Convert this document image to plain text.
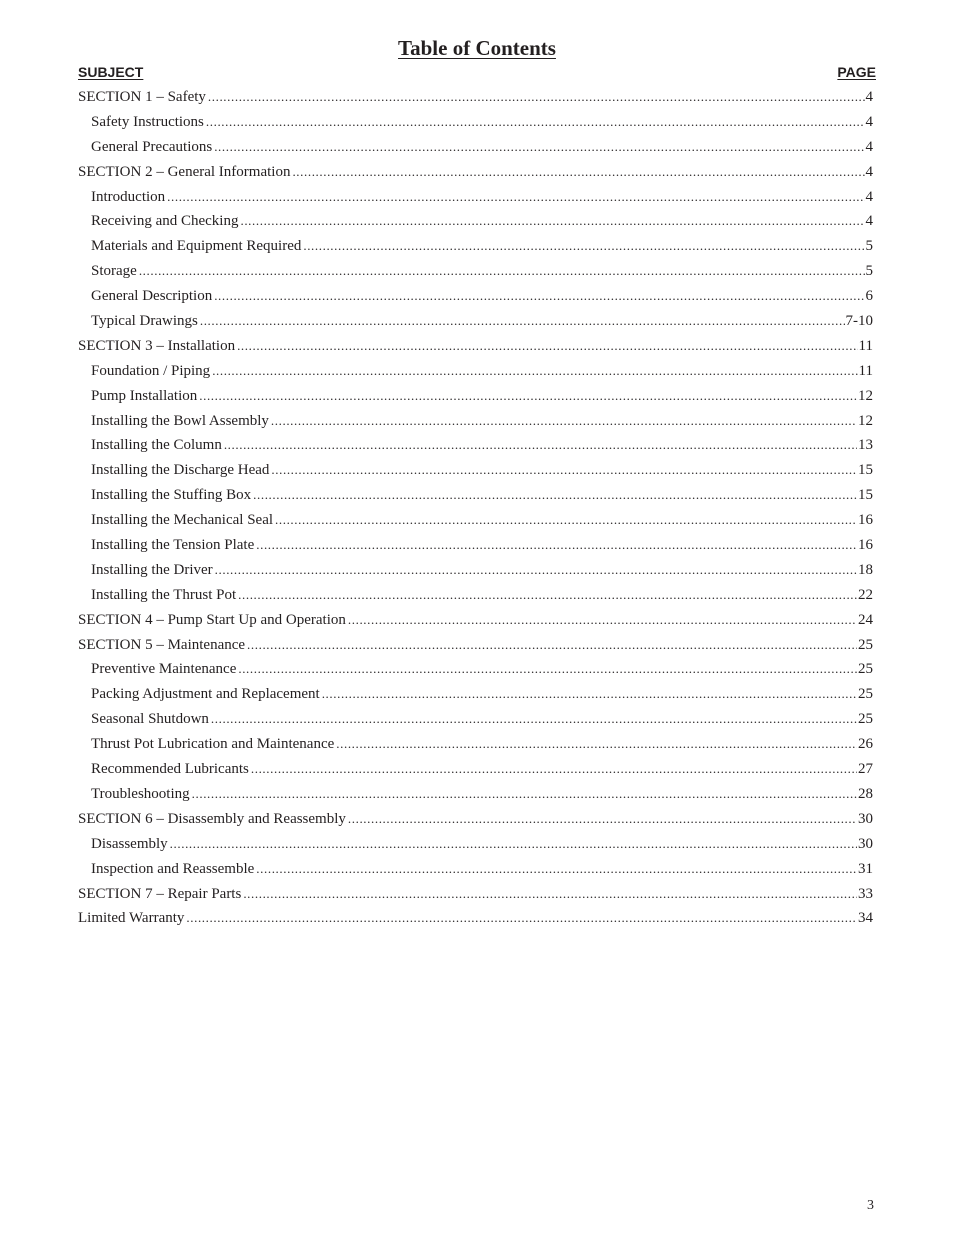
Table of Contents
SUBJECT	PAGE
SECTION 1 – Safety .....	4
Safety Instructions .....	4
General Precautions .....	4
SECTION 2 – General Information .....	4
Introduction .....	4
Receiving and Checking .....	4
Materials and Equipment Required .....	5
Storage .....	5
General Description .....	6
Typical Drawings .....	7-10
SECTION 3 – Installation .....	11
Foundation / Piping .....	11
Pump Installation .....	12
Installing the Bowl Assembly .....	12
Installing the Column .....	13
Installing the Discharge Head .....	15
Installing the Stuffing Box .....	15
Installing the Mechanical Seal .....	16
Installing the Tension Plate .....	16
Installing the Driver .....	18
Installing the Thrust Pot .....	22
SECTION 4 – Pump Start Up and Operation .....	24
SECTION 5 – Maintenance .....	25
Preventive Maintenance .....	25
Packing Adjustment and Replacement .....	25
Seasonal Shutdown .....	25
Thrust Pot Lubrication and Maintenance .....	26
Recommended Lubricants .....	27
Troubleshooting .....	28
SECTION 6 – Disassembly and Reassembly .....	30
Disassembly .....	30
Inspection and Reassemble .....	31
SECTION 7 – Repair Parts .....	33
Limited Warranty .....	34
3
